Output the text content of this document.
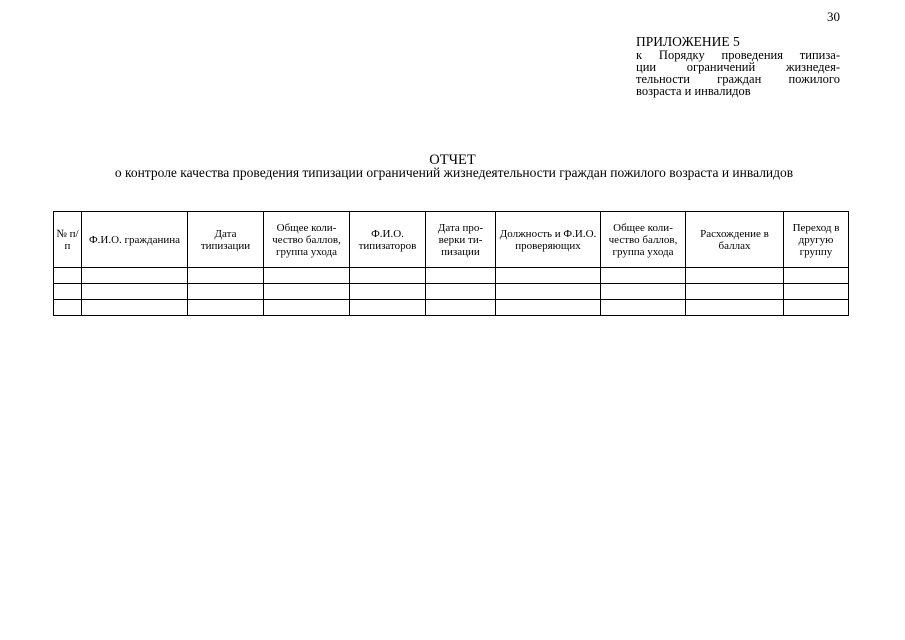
30
ПРИЛОЖЕНИЕ 5
к Порядку проведения типиза-
ции ограничений жизнедея-
тельности граждан пожилого
возраста и инвалидов
ОТЧЕТ
о контроле качества проведения типизации ограничений жизнедеятельности граждан пожилого возраста и инвалидов
№ п/п	Ф.И.О. гражданина	Дата типизации	Общее количество баллов, группа ухода	Ф.И.О. типизаторов	Дата проверки типизации	Должность и Ф.И.О. проверяющих	Общее количество баллов, группа ухода	Расхождение в баллах	Переход в другую группу
